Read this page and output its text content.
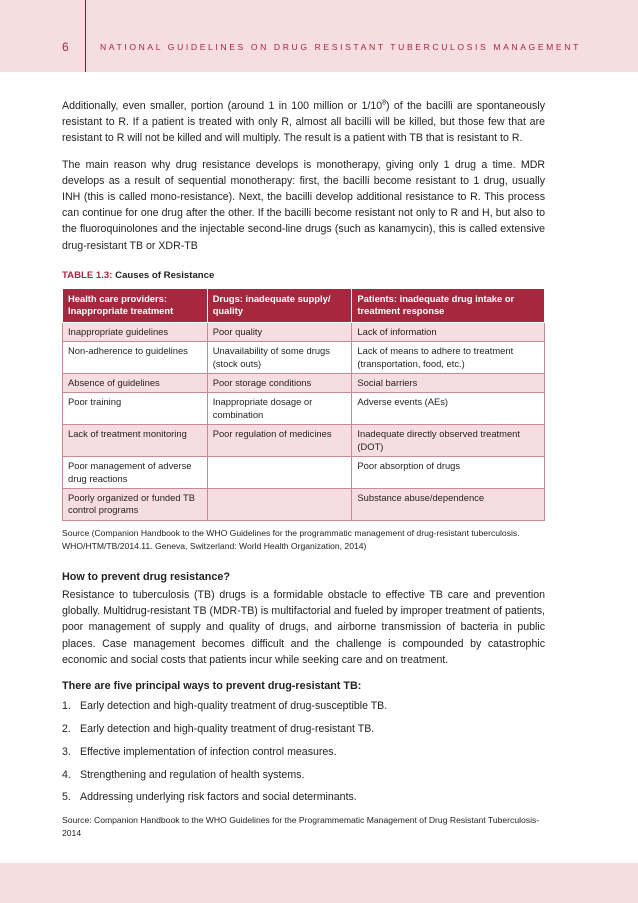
6	NATIONAL GUIDELINES ON DRUG RESISTANT TUBERCULOSIS MANAGEMENT

Additionally, even smaller, portion (around 1 in 100 million or $1/10^8$) of the bacilli are spontaneously resistant to R. If a patient is treated with only R, almost all bacilli will be killed, but those few that are resistant to R will not be killed and will multiply. The result is a patient with TB that is resistant to R.

The main reason why drug resistance develops is monotherapy, giving only 1 drug a time. MDR develops as a result of sequential monotherapy: first, the bacilli become resistant to 1 drug, usually INH (this is called mono-resistance). Next, the bacilli develop additional resistance to R. This process can continue for one drug after the other. If the bacilli become resistant not only to R and H, but also to the fluoroquinolones and the injectable second-line drugs (such as kanamycin), this is called extensive drug-resistant TB or XDR-TB

TABLE 1.3: Causes of Resistance
Health care providers: Inappropriate treatment	Drugs: inadequate supply/ quality	Patients: inadequate drug intake or treatment response
Inappropriate guidelines	Poor quality	Lack of information
Non-adherence to guidelines	Unavailability of some drugs (stock outs)	Lack of means to adhere to treatment (transportation, food, etc.)
Absence of guidelines	Poor storage conditions	Social barriers
Poor training	Inappropriate dosage or combination	Adverse events (AEs)
Lack of treatment monitoring	Poor regulation of medicines	Inadequate directly observed treatment (DOT)
Poor management of adverse drug reactions		Poor absorption of drugs
Poorly organized or funded TB control programs		Substance abuse/dependence

Source (Companion Handbook to the WHO Guidelines for the programmatic management of drug-resistant tuberculosis. WHO/HTM/TB/2014.11. Geneva, Switzerland: World Health Organization, 2014)

How to prevent drug resistance?

Resistance to tuberculosis (TB) drugs is a formidable obstacle to effective TB care and prevention globally. Multidrug-resistant TB (MDR-TB) is multifactorial and fueled by improper treatment of patients, poor management of supply and quality of drugs, and airborne transmission of bacteria in public places. Case management becomes difficult and the challenge is compounded by catastrophic economic and social costs that patients incur while seeking care and on treatment.

There are five principal ways to prevent drug-resistant TB:
1. Early detection and high-quality treatment of drug-susceptible TB.
2. Early detection and high-quality treatment of drug-resistant TB.
3. Effective implementation of infection control measures.
4. Strengthening and regulation of health systems.
5. Addressing underlying risk factors and social determinants.
Source: Companion Handbook to the WHO Guidelines for the Programmematic Management of Drug Resistant Tuberculosis-2014
